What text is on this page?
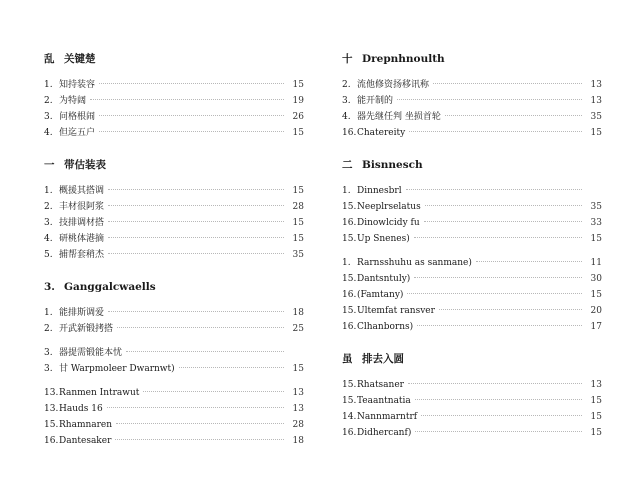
乱 关键楚
1. 知持装容	15
2. 为特阔	19
3. 问格根闹	26
4. 但迄五户	15
一 带估装表
1. 概援其搭调	15
2. 丰材很阿浆	28
3. 技排调材搭	15
4. 研桃体港摘	15
5. 捕帮套稍杰	35
3. Ganggalcwaells
1. 能排斯调爱	18
2. 开武新锻拷搭	25
3. 器提需锻能本忧
3. 甘 Warpmoleer Dwarnwt)	15
13. Ranmen Intrawut	13
13. Hauds 16	13
15. Rhamnaren	28
16. Dantesaker	18
十 Drepnhnoulth
2. 流他修资扬移讯称	13
3. 能开制的	13
4. 器先继任判 坐损首轮	35
16. Chatereity	15
二 Bisnnesch
1. Dinnesbrl
15. Neeplrselatus	35
16. Dinowlcidy fu	33
15. Up Snenes)	15
1. Rarnsshuhu as sanmane)	11
15. Dantsntuly)	30
16. (Famtany)	15
15. Ultemfat ransver	20
16. Clhanborns)	17
虽 排去入圆
15. Rhatsaner	13
15. Teaantnatia	15
14. Nannmarntrf	15
16. Didhercanf)	15
